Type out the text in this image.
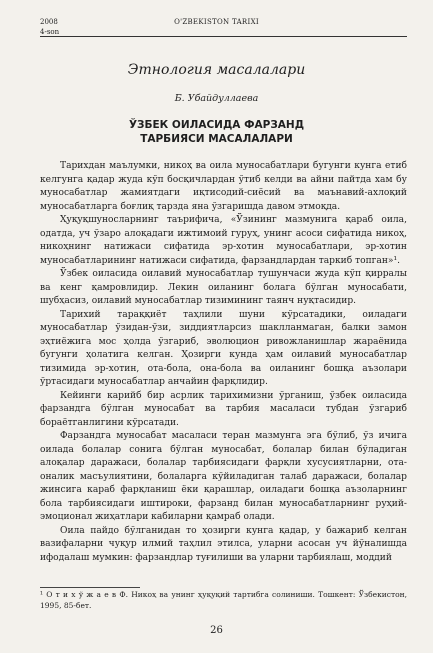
2008
4-son
O'ZBEKISTON TARIXI
Этнология масалалари
Б. Убайдуллаева
ЎЗБЕК ОИЛАСИДА ФАРЗАНД
ТАРБИЯСИ МАСАЛАЛАРИ

Тарихдан маълумки, никоҳ ва оила муносабатлари бугунги кунга етиб келгунга қадар жуда кўп босқичлардан ўтиб келди ва айни пайтда хам бу муносабатлар жамиятдаги иқтисодий-сиёсий ва маънавий-ахлоқий муносабатларга боғлиқ тарзда яна ўзгаришда давом этмоқда.

Ҳуқуқшуносларнинг таърифича, «Ўзининг мазмунига қараб оила, одатда, уч ўзаро алоқадаги ижтимоий гуруҳ, унинг асоси сифатида никоҳ, никоҳнинг натижаси сифатида эр-хотин муносабатлари, эр-хотин муносабатларининг натижаси сифатида, фарзандлардан таркиб топган»¹.

Ўзбек оиласида оилавий муносабатлар тушунчаси жуда кўп қирралы ва кенг қамровлидир. Лекин оиланинг болага бўлган муносабати, шубҳасиз, оилавий муносабатлар тизимининг таянч нуқтасидир.

Тарихий тараққиёт таҳлили шуни кўрсатадики, оиладаги муносабатлар ўзидан-ўзи, зиддиятларсиз шаклланмаган, балки замон эҳтиёжига мос ҳолда ўзгариб, эволюцион ривожланишлар жараёнида бугунги ҳолатига келган. Ҳозирги кунда ҳам оилавий муносабатлар тизимида эр-хотин, ота-бола, она-бола ва оиланинг бошқа аъзолари ўртасидаги муносабатлар анчайин фарқлидир.

Кейинги карийб бир асрлик тарихимизни ўрганиш, ўзбек оиласида фарзандга бўлган муносабат ва тарбия масаласи тубдан ўзгариб бораётганлигини кўрсатади.

Фарзандга муносабат масаласи теран мазмунга эга бўлиб, ўз ичига оилада болалар сонига бўлган муносабат, болалар билан бўладиган алоқалар даражаси, болалар тарбиясидаги фарқли хусусиятларни, ота-оналик масъулиятини, болаларга кўйиладиган талаб даражаси, болалар жинсига караб фарқланиш ёки қарашлар, оиладаги бошқа аъзоларнинг бола тарбиясидаги иштироки, фарзанд билан муносабатларнинг руҳий-эмоционал жиҳатлари кабиларни қамраб олади.

Оила пайдо бўлганидан то ҳозирги кунга қадар, у бажариб келган вазифаларни чуқур илмий таҳлил этилса, уларни асосан уч йўналишда ифодалаш мумкин: фарзандлар туғилиши ва уларни тарбиялаш, моддий

¹ О т и х ў ж а е в Ф. Никоҳ ва унинг ҳуқуқий тартибга солиниши. Тошкент: Ўзбекистон, 1995, 85-бет.
26
